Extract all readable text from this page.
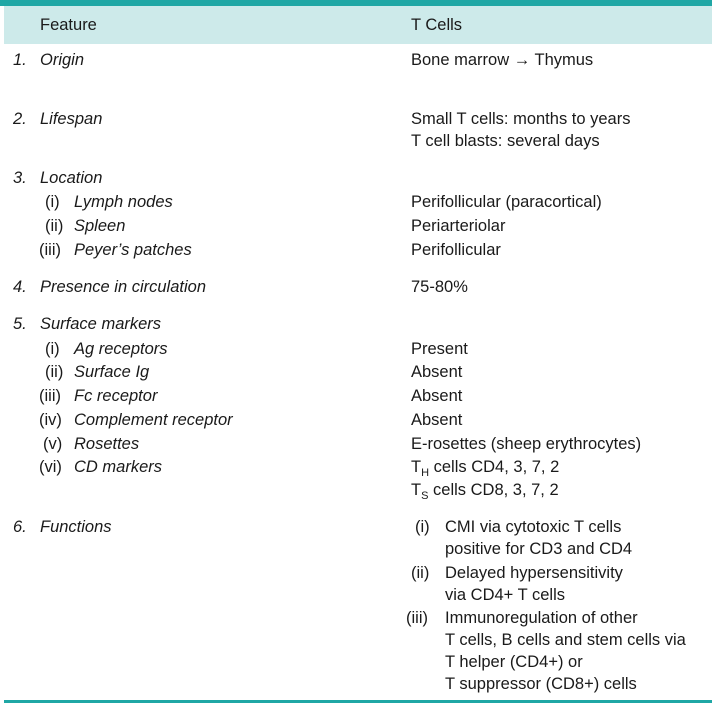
Feature	T Cells
1. Origin	Bone marrow → Thymus
2. Lifespan	Small T cells: months to years
T cell blasts: several days
3. Location
(i) Lymph nodes	Perifollicular (paracortical)
(ii) Spleen	Periarteriolar
(iii) Peyer’s patches	Perifollicular
4. Presence in circulation	75-80%
5. Surface markers
(i) Ag receptors	Present
(ii) Surface Ig	Absent
(iii) Fc receptor	Absent
(iv) Complement receptor	Absent
(v) Rosettes	E-rosettes (sheep erythrocytes)
(vi) CD markers	$T_H$ cells CD4, 3, 7, 2
$T_S$ cells CD8, 3, 7, 2
6. Functions	(i) CMI via cytotoxic T cells
positive for CD3 and CD4
(ii) Delayed hypersensitivity
via CD4+ T cells
(iii) Immunoregulation of other
T cells, B cells and stem cells via
T helper (CD4+) or
T suppressor (CD8+) cells
